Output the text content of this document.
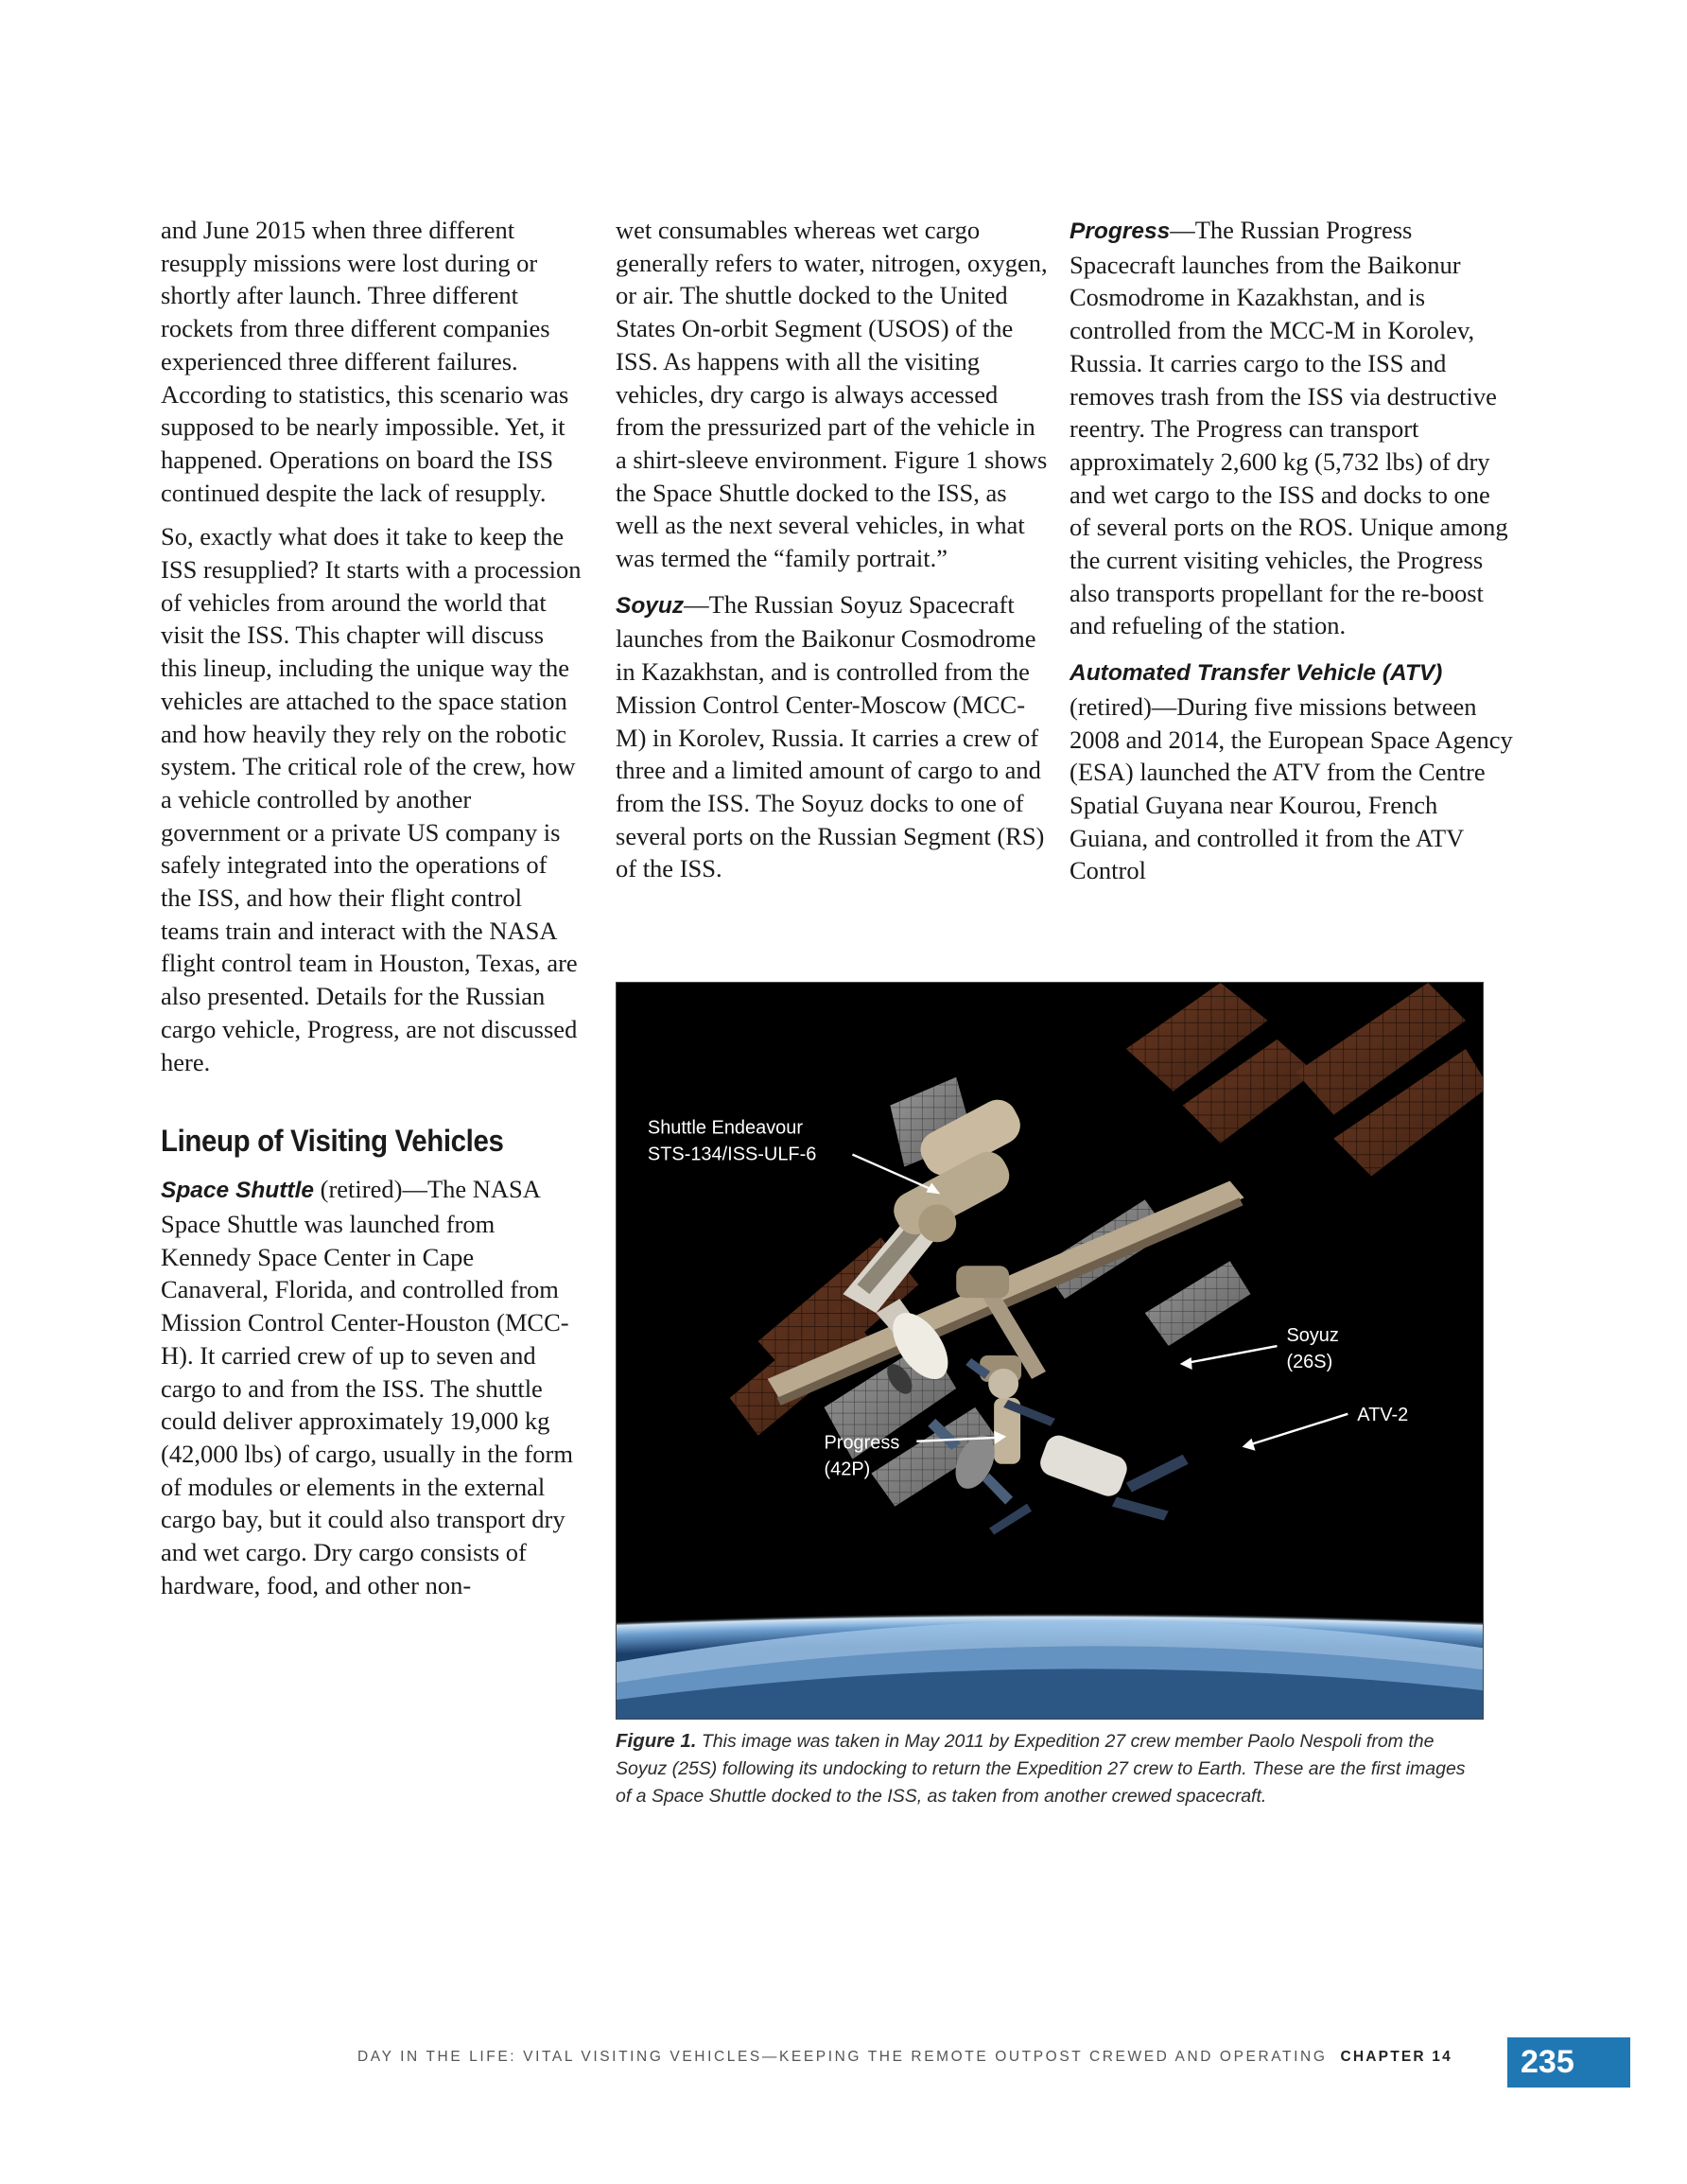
and June 2015 when three different resupply missions were lost during or shortly after launch. Three different rockets from three different companies experienced three different failures. According to statistics, this scenario was supposed to be nearly impossible. Yet, it happened. Operations on board the ISS continued despite the lack of resupply.

So, exactly what does it take to keep the ISS resupplied? It starts with a procession of vehicles from around the world that visit the ISS. This chapter will discuss this lineup, including the unique way the vehicles are attached to the space station and how heavily they rely on the robotic system. The critical role of the crew, how a vehicle controlled by another government or a private US company is safely integrated into the operations of the ISS, and how their flight control teams train and interact with the NASA flight control team in Houston, Texas, are also presented. Details for the Russian cargo vehicle, Progress, are not discussed here.

Lineup of Visiting Vehicles

Space Shuttle (retired)—The NASA Space Shuttle was launched from Kennedy Space Center in Cape Canaveral, Florida, and controlled from Mission Control Center-Houston (MCC-H). It carried crew of up to seven and cargo to and from the ISS. The shuttle could deliver approximately 19,000 kg (42,000 lbs) of cargo, usually in the form of modules or elements in the external cargo bay, but it could also transport dry and wet cargo. Dry cargo consists of hardware, food, and other non-

wet consumables whereas wet cargo generally refers to water, nitrogen, oxygen, or air. The shuttle docked to the United States On-orbit Segment (USOS) of the ISS. As happens with all the visiting vehicles, dry cargo is always accessed from the pressurized part of the vehicle in a shirt-sleeve environment. Figure 1 shows the Space Shuttle docked to the ISS, as well as the next several vehicles, in what was termed the “family portrait.”

Soyuz—The Russian Soyuz Spacecraft launches from the Baikonur Cosmodrome in Kazakhstan, and is controlled from the Mission Control Center-Moscow (MCC-M) in Korolev, Russia. It carries a crew of three and a limited amount of cargo to and from the ISS. The Soyuz docks to one of several ports on the Russian Segment (RS) of the ISS.

Progress—The Russian Progress Spacecraft launches from the Baikonur Cosmodrome in Kazakhstan, and is controlled from the MCC-M in Korolev, Russia. It carries cargo to the ISS and removes trash from the ISS via destructive reentry. The Progress can transport approximately 2,600 kg (5,732 lbs) of dry and wet cargo to the ISS and docks to one of several ports on the ROS. Unique among the current visiting vehicles, the Progress also transports propellant for the re-boost and refueling of the station.

Automated Transfer Vehicle (ATV) (retired)—During five missions between 2008 and 2014, the European Space Agency (ESA) launched the ATV from the Centre Spatial Guyana near Kourou, French Guiana, and controlled it from the ATV Control

Shuttle Endeavour
STS-134/ISS-ULF-6
Soyuz
(26S)
ATV-2
Progress
(42P)
Figure 1. This image was taken in May 2011 by Expedition 27 crew member Paolo Nespoli from the Soyuz (25S) following its undocking to return the Expedition 27 crew to Earth. These are the first images of a Space Shuttle docked to the ISS, as taken from another crewed spacecraft.
DAY IN THE LIFE: VITAL VISITING VEHICLES—KEEPING THE REMOTE OUTPOST CREWED AND OPERATING CHAPTER 14	235
